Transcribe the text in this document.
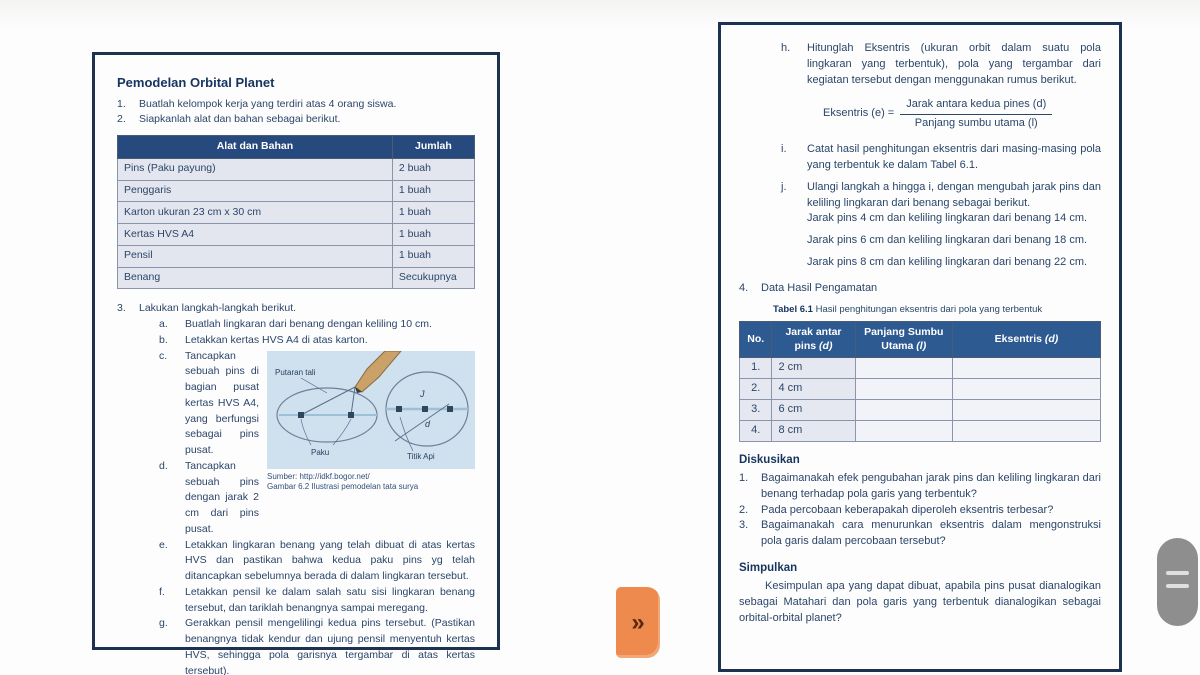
Pemodelan Orbital Planet
1.	Buatlah kelompok kerja yang terdiri atas 4 orang siswa.
2.	Siapkanlah alat dan bahan sebagai berikut.
Alat dan Bahan	Jumlah
Pins (Paku payung)	2 buah
Penggaris	1 buah
Karton ukuran 23 cm x 30 cm	1 buah
Kertas HVS A4	1 buah
Pensil	1 buah
Benang	Secukupnya
3.	Lakukan langkah-langkah berikut.
a.	Buatlah lingkaran dari benang dengan keliling 10 cm.
b.	Letakkan kertas HVS A4 di atas karton.
Putaran tali
Paku
J
d
Titik Api
Sumber: http://idkf.bogor.net/
Gambar 6.2 Ilustrasi pemodelan tata surya
c.	Tancapkan sebuah pins di bagian pusat kertas HVS A4, yang berfungsi sebagai pins pusat.
d.	Tancapkan sebuah pins dengan jarak 2 cm dari pins pusat.
e.	Letakkan lingkaran benang yang telah dibuat di atas kertas HVS dan pastikan bahwa kedua paku pins yg telah ditancapkan sebelumnya berada di dalam lingkaran tersebut.
f.	Letakkan pensil ke dalam salah satu sisi lingkaran benang tersebut, dan tariklah benangnya sampai meregang.
g.	Gerakkan pensil mengelilingi kedua pins tersebut. (Pastikan benangnya tidak kendur dan ujung pensil menyentuh kertas HVS, sehingga pola garisnya tergambar di atas kertas tersebut).
h.	Hitunglah Eksentris (ukuran orbit dalam suatu pola lingkaran yang terbentuk), pola yang tergambar dari kegiatan tersebut dengan menggunakan rumus berikut.
Eksentris $(e) = \frac{\text{Jarak antara kedua pines (d)}}{\text{Panjang sumbu utama (l)}}$
i.	Catat hasil penghitungan eksentris dari masing-masing pola yang terbentuk ke dalam Tabel 6.1.
j.	Ulangi langkah a hingga i, dengan mengubah jarak pins dan keliling lingkaran dari benang sebagai berikut.
Jarak pins 4 cm dan keliling lingkaran dari benang 14 cm.
Jarak pins 6 cm dan keliling lingkaran dari benang 18 cm.
Jarak pins 8 cm dan keliling lingkaran dari benang 22 cm.
4.	Data Hasil Pengamatan
Tabel 6.1 Hasil penghitungan eksentris dari pola yang terbentuk
No.	Jarak antar pins (d)	Panjang Sumbu Utama (l)	Eksentris (d)
1.	2 cm		
2.	4 cm		
3.	6 cm		
4.	8 cm		
Diskusikan
1.	Bagaimanakah efek pengubahan jarak pins dan keliling lingkaran dari benang terhadap pola garis yang terbentuk?
2.	Pada percobaan keberapakah diperoleh eksentris terbesar?
3.	Bagaimanakah cara menurunkan eksentris dalam mengonstruksi pola garis dalam percobaan tersebut?
Simpulkan
Kesimpulan apa yang dapat dibuat, apabila pins pusat dianalogikan sebagai Matahari dan pola garis yang terbentuk dianalogikan sebagai orbital-orbital planet?
»
